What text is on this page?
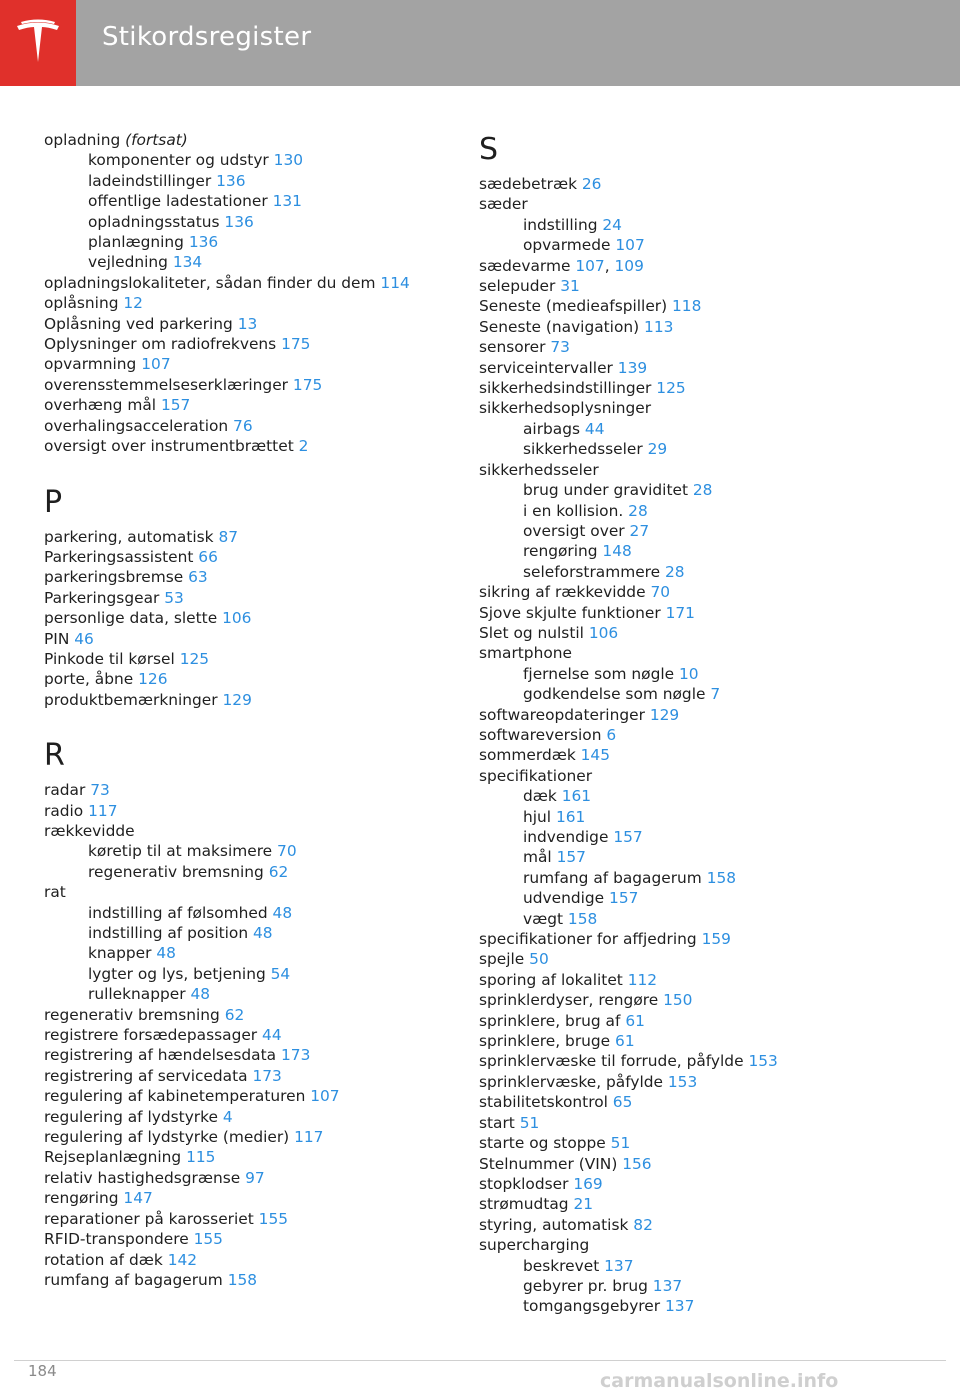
Stikordsregister
opladning (fortsat)
komponenter og udstyr 130
ladeindstillinger 136
offentlige ladestationer 131
opladningsstatus 136
planlægning 136
vejledning 134
opladningslokaliteter, sådan finder du dem 114
oplåsning 12
Oplåsning ved parkering 13
Oplysninger om radiofrekvens 175
opvarmning 107
overensstemmelseserklæringer 175
overhæng mål 157
overhalingsacceleration 76
oversigt over instrumentbrættet 2
P
parkering, automatisk 87
Parkeringsassistent 66
parkeringsbremse 63
Parkeringsgear 53
personlige data, slette 106
PIN 46
Pinkode til kørsel 125
porte, åbne 126
produktbemærkninger 129
R
radar 73
radio 117
rækkevidde
køretip til at maksimere 70
regenerativ bremsning 62
rat
indstilling af følsomhed 48
indstilling af position 48
knapper 48
lygter og lys, betjening 54
rulleknapper 48
regenerativ bremsning 62
registrere forsædepassager 44
registrering af hændelsesdata 173
registrering af servicedata 173
regulering af kabinetemperaturen 107
regulering af lydstyrke 4
regulering af lydstyrke (medier) 117
Rejseplanlægning 115
relativ hastighedsgrænse 97
rengøring 147
reparationer på karosseriet 155
RFID-transpondere 155
rotation af dæk 142
rumfang af bagagerum 158
S
sædebetræk 26
sæder
indstilling 24
opvarmede 107
sædevarme 107, 109
selepuder 31
Seneste (medieafspiller) 118
Seneste (navigation) 113
sensorer 73
serviceintervaller 139
sikkerhedsindstillinger 125
sikkerhedsoplysninger
airbags 44
sikkerhedsseler 29
sikkerhedsseler
brug under graviditet 28
i en kollision. 28
oversigt over 27
rengøring 148
seleforstrammere 28
sikring af rækkevidde 70
Sjove skjulte funktioner 171
Slet og nulstil 106
smartphone
fjernelse som nøgle 10
godkendelse som nøgle 7
softwareopdateringer 129
softwareversion 6
sommerdæk 145
specifikationer
dæk 161
hjul 161
indvendige 157
mål 157
rumfang af bagagerum 158
udvendige 157
vægt 158
specifikationer for affjedring 159
spejle 50
sporing af lokalitet 112
sprinklerdyser, rengøre 150
sprinklere, brug af 61
sprinklere, bruge 61
sprinklervæske til forrude, påfylde 153
sprinklervæske, påfylde 153
stabilitetskontrol 65
start 51
starte og stoppe 51
Stelnummer (VIN) 156
stopklodser 169
strømudtag 21
styring, automatisk 82
supercharging
beskrevet 137
gebyrer pr. brug 137
tomgangsgebyrer 137
184	carmanualsonline.info
